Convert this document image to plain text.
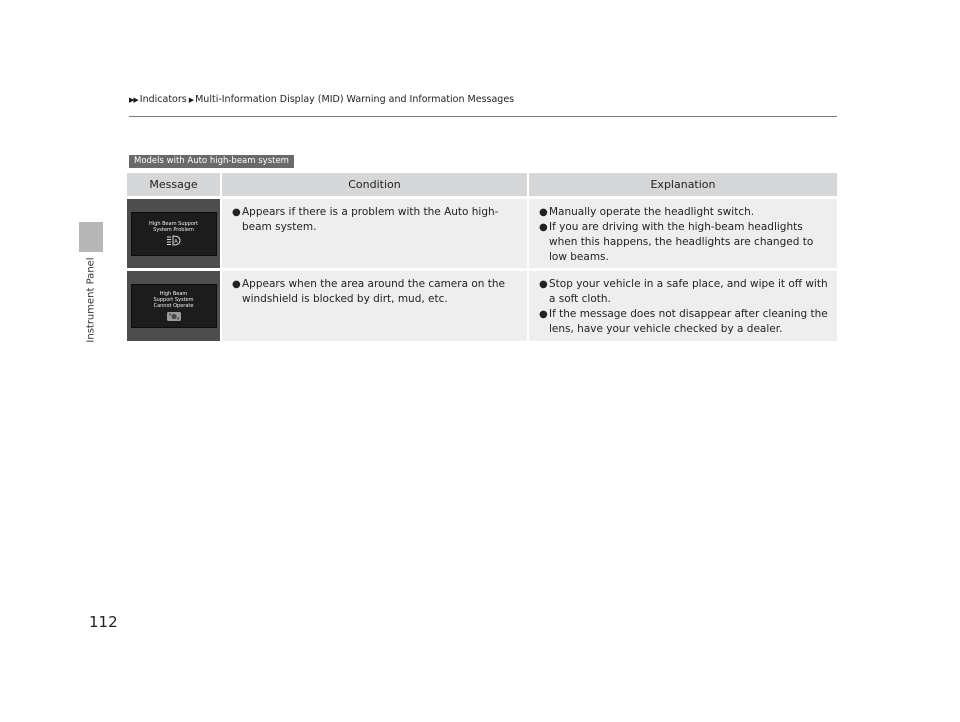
Instrument Panel
▶▶ Indicators ▶ Multi-Information Display (MID) Warning and Information Messages
Models with Auto high-beam system
Message	Condition	Explanation
High Beam Support
System Problem
A
● Appears if there is a problem with the Auto high-beam system.
● Manually operate the headlight switch.
● If you are driving with the high-beam headlights when this happens, the headlights are changed to low beams.
High Beam
Support System
Cannot Operate
● Appears when the area around the camera on the windshield is blocked by dirt, mud, etc.
● Stop your vehicle in a safe place, and wipe it off with a soft cloth.
● If the message does not disappear after cleaning the lens, have your vehicle checked by a dealer.
112
